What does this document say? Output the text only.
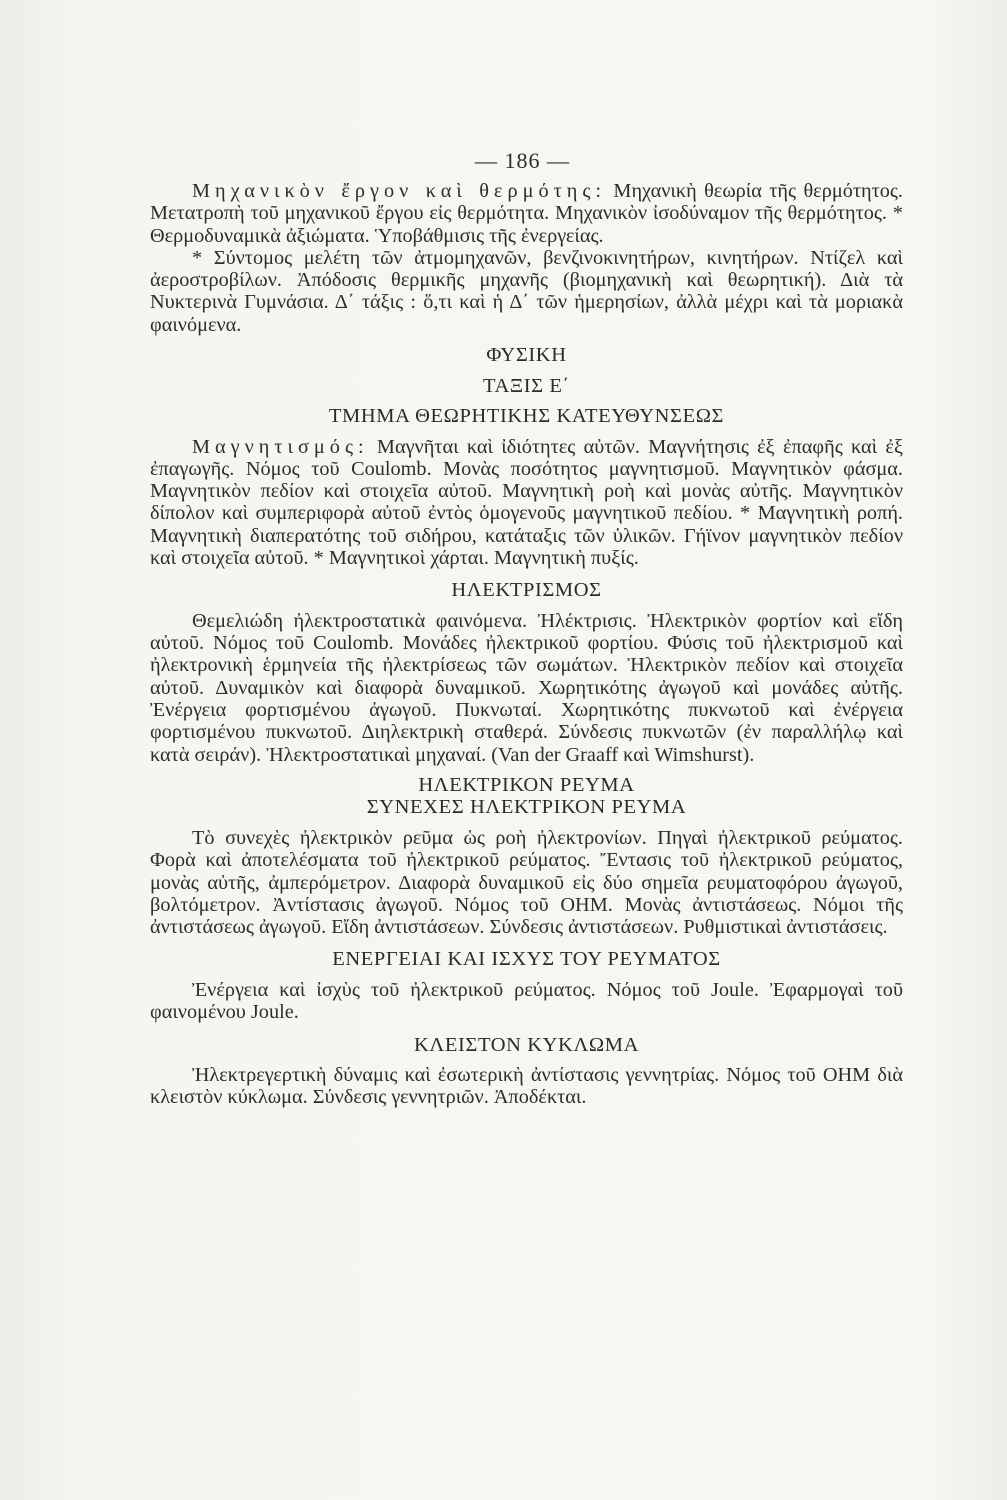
— 186 —

Μηχανικὸν ἔργον καὶ θερμότης: Μηχανικὴ θεωρία τῆς θερμότητος. Μετατροπὴ τοῦ μηχανικοῦ ἔργου εἰς θερμότητα. Μηχανικὸν ἰσοδύναμον τῆς θερμότητος. * Θερμοδυναμικὰ ἀξιώματα. Ὑποβάθμισις τῆς ἐνεργείας.

* Σύντομος μελέτη τῶν ἀτμομηχανῶν, βενζινοκινητήρων, κινητήρων. Ντίζελ καὶ ἀεροστροβίλων. Ἀπόδοσις θερμικῆς μηχανῆς (βιομηχανικὴ καὶ θεωρητική). Διὰ τὰ Νυκτερινὰ Γυμνάσια. Δ΄ τάξις : ὅ,τι καὶ ἡ Δ΄ τῶν ἡμερησίων, ἀλλὰ μέχρι καὶ τὰ μοριακὰ φαινόμενα.

ΦΥΣΙΚΗ

ΤΑΞΙΣ Ε΄

ΤΜΗΜΑ ΘΕΩΡΗΤΙΚΗΣ ΚΑΤΕΥΘΥΝΣΕΩΣ

Μαγνητισμός: Μαγνῆται καὶ ἰδιότητες αὐτῶν. Μαγνήτησις ἐξ ἐπαφῆς καὶ ἐξ ἐπαγωγῆς. Νόμος τοῦ Coulomb. Μονὰς ποσότητος μαγνητισμοῦ. Μαγνητικὸν φάσμα. Μαγνητικὸν πεδίον καὶ στοιχεῖα αὐτοῦ. Μαγνητικὴ ροὴ καὶ μονὰς αὐτῆς. Μαγνητικὸν δίπολον καὶ συμπεριφορὰ αὐτοῦ ἐντὸς ὁμογενοῦς μαγνητικοῦ πεδίου. * Μαγνητικὴ ροπή. Μαγνητικὴ διαπερατότης τοῦ σιδήρου, κατάταξις τῶν ὑλικῶν. Γήϊνον μαγνητικὸν πεδίον καὶ στοιχεῖα αὐτοῦ. * Μαγνητικοὶ χάρται. Μαγνητικὴ πυξίς.

ΗΛΕΚΤΡΙΣΜΟΣ

Θεμελιώδη ἠλεκτροστατικὰ φαινόμενα. Ἠλέκτρισις. Ἠλεκτρικὸν φορτίον καὶ εἴδη αὐτοῦ. Νόμος τοῦ Coulomb. Μονάδες ἠλεκτρικοῦ φορτίου. Φύσις τοῦ ἠλεκτρισμοῦ καὶ ἠλεκτρονικὴ ἑρμηνεία τῆς ἠλεκτρίσεως τῶν σωμάτων. Ἠλεκτρικὸν πεδίον καὶ στοιχεῖα αὐτοῦ. Δυναμικὸν καὶ διαφορὰ δυναμικοῦ. Χωρητικότης ἀγωγοῦ καὶ μονάδες αὐτῆς. Ἐνέργεια φορτισμένου ἀγωγοῦ. Πυκνωταί. Χωρητικότης πυκνωτοῦ καὶ ἐνέργεια φορτισμένου πυκνωτοῦ. Διηλεκτρικὴ σταθερά. Σύνδεσις πυκνωτῶν (ἐν παραλλήλῳ καὶ κατὰ σειράν). Ἠλεκτροστατικαὶ μηχαναί. (Van der Graaff καὶ Wimshurst).

ΗΛΕΚΤΡΙΚΟΝ ΡΕΥΜΑ

ΣΥΝΕΧΕΣ ΗΛΕΚΤΡΙΚΟΝ ΡΕΥΜΑ

Τὸ συνεχὲς ἠλεκτρικὸν ρεῦμα ὡς ροὴ ἠλεκτρονίων. Πηγαὶ ἠλεκτρικοῦ ρεύματος. Φορὰ καὶ ἀποτελέσματα τοῦ ἠλεκτρικοῦ ρεύματος. Ἔντασις τοῦ ἠλεκτρικοῦ ρεύματος, μονὰς αὐτῆς, ἀμπερόμετρον. Διαφορὰ δυναμικοῦ εἰς δύο σημεῖα ρευματοφόρου ἀγωγοῦ, βολτόμετρον. Ἀντίστασις ἀγωγοῦ. Νόμος τοῦ ΟΗΜ. Μονὰς ἀντιστάσεως. Νόμοι τῆς ἀντιστάσεως ἀγωγοῦ. Εἴδη ἀντιστάσεων. Σύνδεσις ἀντιστάσεων. Ρυθμιστικαὶ ἀντιστάσεις.

ΕΝΕΡΓΕΙΑΙ ΚΑΙ ΙΣΧΥΣ ΤΟΥ ΡΕΥΜΑΤΟΣ

Ἐνέργεια καὶ ἰσχὺς τοῦ ἠλεκτρικοῦ ρεύματος. Νόμος τοῦ Joule. Ἐφαρμογαὶ τοῦ φαινομένου Joule.

ΚΛΕΙΣΤΟΝ ΚΥΚΛΩΜΑ

Ἠλεκτρεγερτικὴ δύναμις καὶ ἐσωτερικὴ ἀντίστασις γεννητρίας. Νόμος τοῦ ΟΗΜ διὰ κλειστὸν κύκλωμα. Σύνδεσις γεννητριῶν. Ἀποδέκται.
